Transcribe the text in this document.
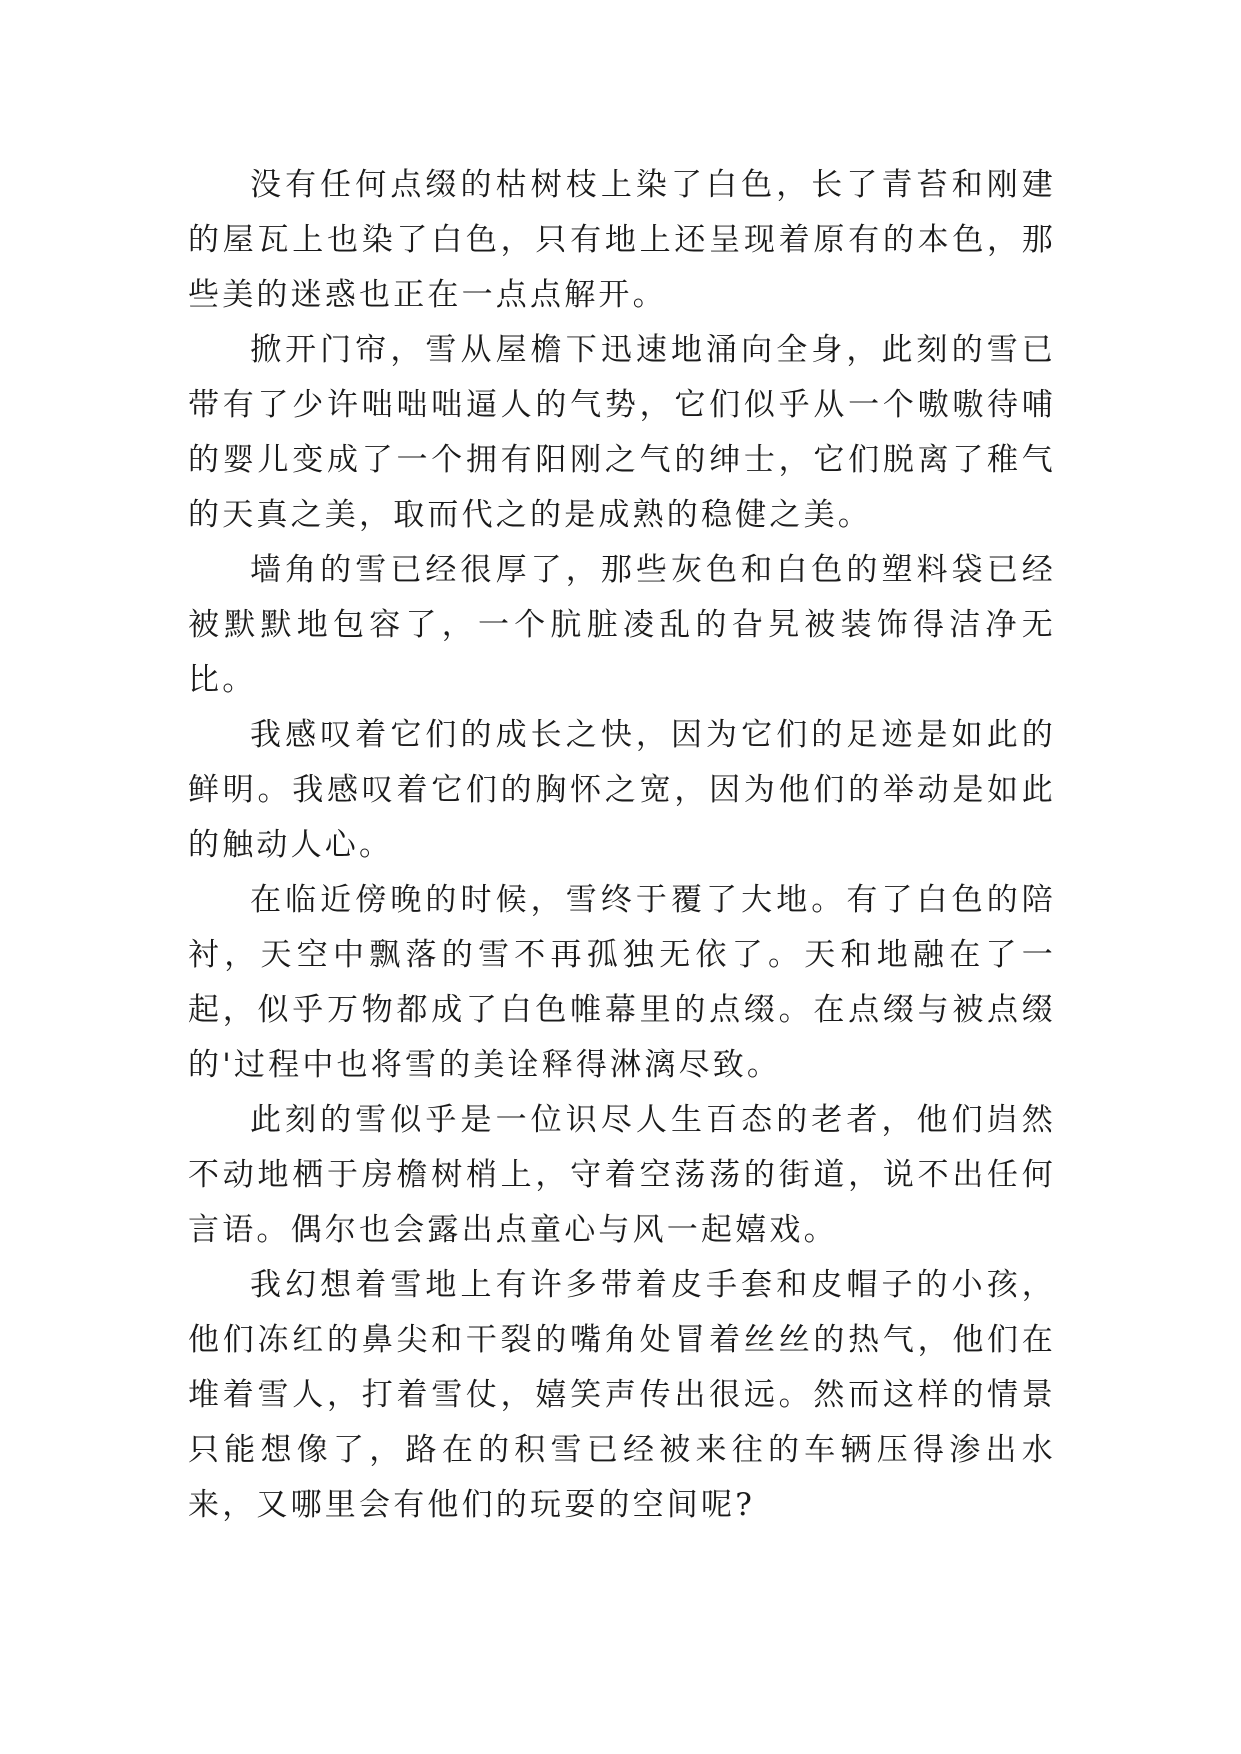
没有任何点缀的枯树枝上染了白色，长了青苔和刚建的屋瓦上也染了白色，只有地上还呈现着原有的本色，那些美的迷惑也正在一点点解开。

掀开门帘，雪从屋檐下迅速地涌向全身，此刻的雪已带有了少许咄咄咄逼人的气势，它们似乎从一个嗷嗷待哺的婴儿变成了一个拥有阳刚之气的绅士，它们脱离了稚气的天真之美，取而代之的是成熟的稳健之美。

墙角的雪已经很厚了，那些灰色和白色的塑料袋已经被默默地包容了，一个肮脏凌乱的旮旯被装饰得洁净无比。

我感叹着它们的成长之快，因为它们的足迹是如此的鲜明。我感叹着它们的胸怀之宽，因为他们的举动是如此的触动人心。

在临近傍晚的时候，雪终于覆了大地。有了白色的陪衬，天空中飘落的雪不再孤独无依了。天和地融在了一起，似乎万物都成了白色帷幕里的点缀。在点缀与被点缀的'过程中也将雪的美诠释得淋漓尽致。

此刻的雪似乎是一位识尽人生百态的老者，他们岿然不动地栖于房檐树梢上，守着空荡荡的街道，说不出任何言语。偶尔也会露出点童心与风一起嬉戏。

我幻想着雪地上有许多带着皮手套和皮帽子的小孩，他们冻红的鼻尖和干裂的嘴角处冒着丝丝的热气，他们在堆着雪人，打着雪仗，嬉笑声传出很远。然而这样的情景只能想像了，路在的积雪已经被来往的车辆压得渗出水来，又哪里会有他们的玩耍的空间呢?
